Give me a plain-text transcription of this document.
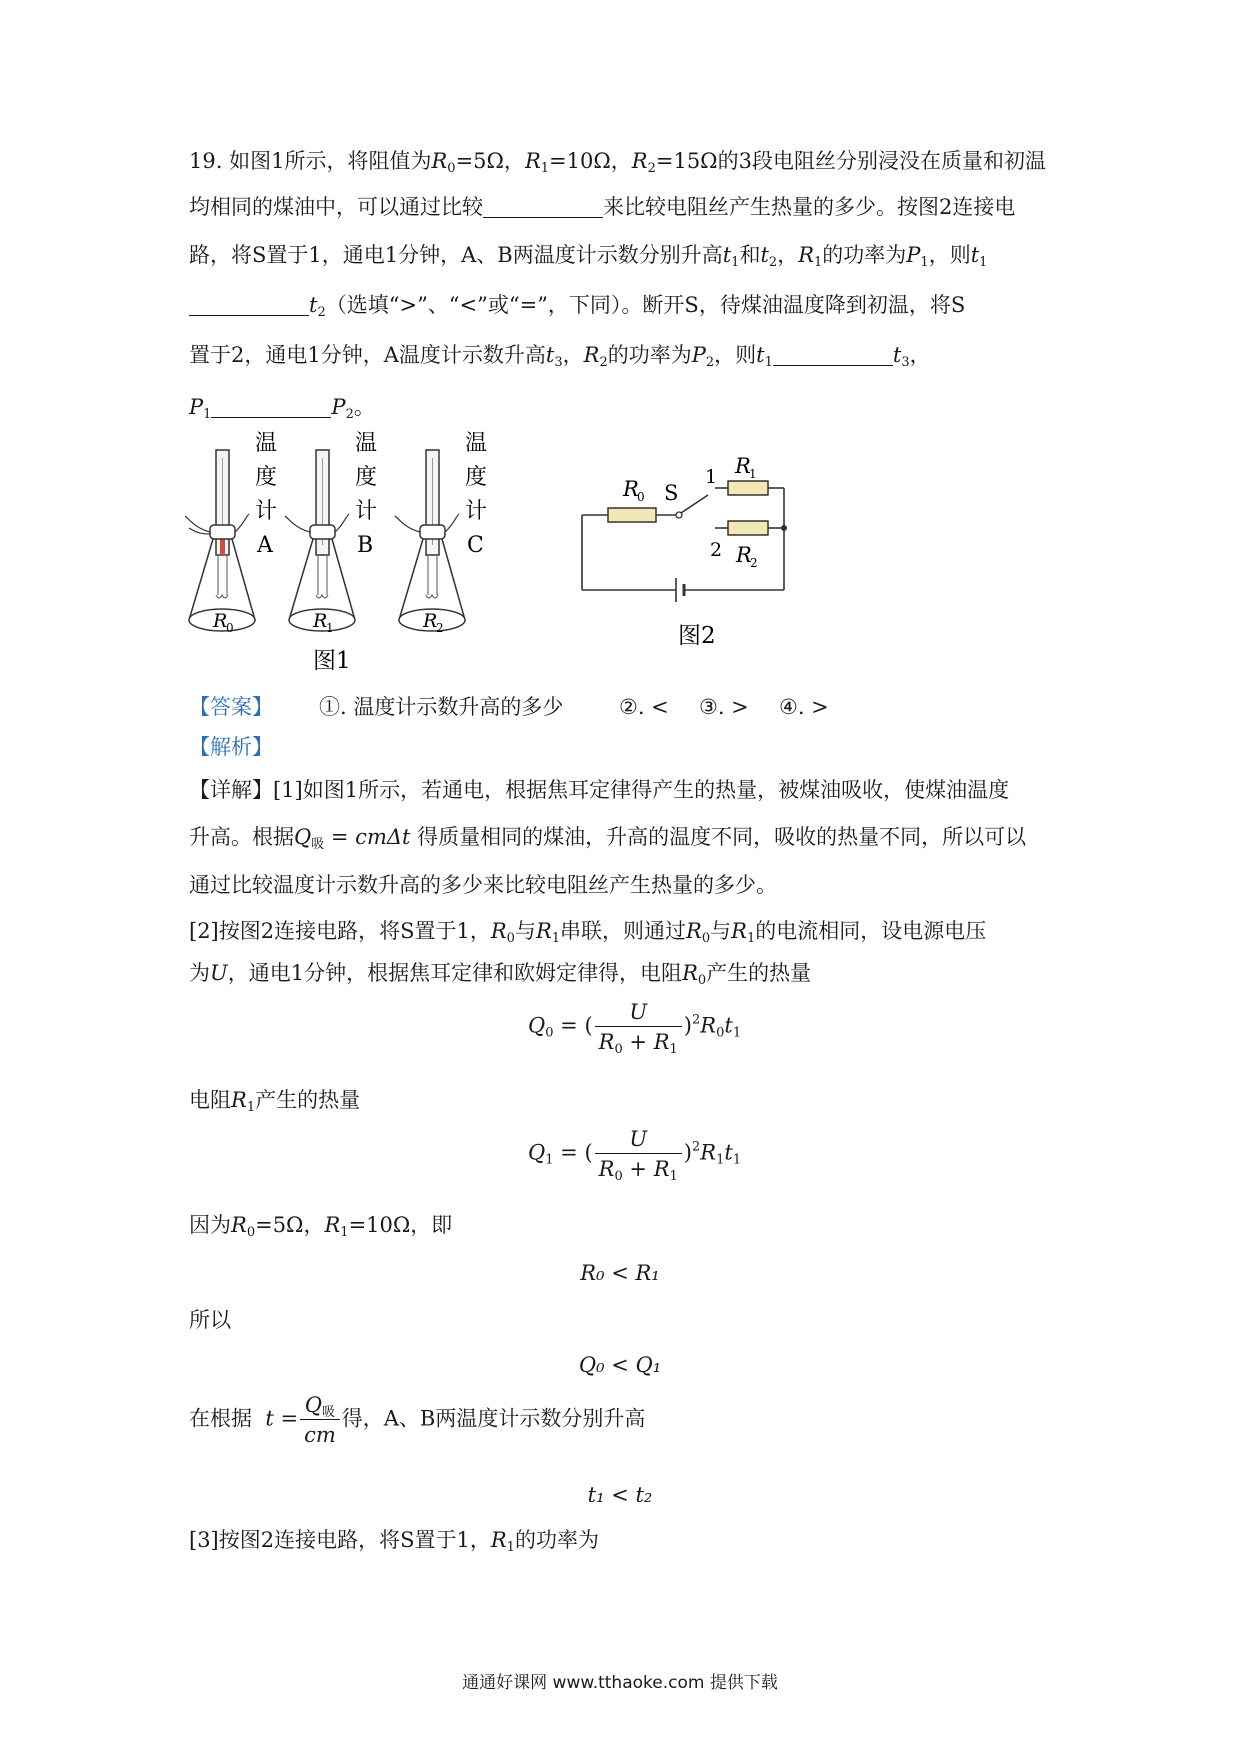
19. 如图1所示，将阻值为$R_0=5\Omega$，$R_1=10\Omega$，$R_2=15\Omega$的3段电阻丝分别浸没在质量和初温
均相同的煤油中，可以通过比较	来比较电阻丝产生热量的多少。按图2连接电
路，将S置于1，通电1分钟，A、B两温度计示数分别升高$t_1$和$t_2$，$R_1$的功率为$P_1$，则$t_1$
$t_2$（选填“>”、“<”或“=”，下同）。断开S，待煤油温度降到初温，将S
置于2，通电1分钟，A温度计示数升高$t_3$，$R_2$的功率为$P_2$，则$t_1$	$t_3$，
$P_1$	$P_2$。
温
度
计
A
温
度
计
B
温
度
计
C
R
0	R
1	R
2
图1
R
0 S
1 R
1
2 R
2
图2
【答案】 ①. 温度计示数升高的多少	②. < ③. > ④. >
【解析】
【详解】[1]如图1所示，若通电，根据焦耳定律得产生的热量，被煤油吸收，使煤油温度
升高。根据$Q_吸 = cm\Delta t$ 得质量相同的煤油，升高的温度不同，吸收的热量不同，所以可以
通过比较温度计示数升高的多少来比较电阻丝产生热量的多少。
[2]按图2连接电路，将S置于1，$R_0$与$R_1$串联，则通过$R_0$与$R_1$的电流相同，设电源电压
为U，通电1分钟，根据焦耳定律和欧姆定律得，电阻$R_0$产生的热量
$Q_0$ = ( $\frac{U}{R_0 + R_1} )^2R_0t_1$
电阻$R_1$产生的热量
$Q_1$ = ( $\frac{U}{R_0 + R_1} )^2R_1t_1$
因为$R_0=5\Omega$，$R_1=10\Omega$，即
R₀ < R₁
所以
Q₀ < Q₁
在根据 $t = \frac{Q_吸}{cm}$ 得，A、B两温度计示数分别升高
t₁ < t₂
[3]按图2连接电路，将S置于1，$R_1$的功率为
通通好课网 www.tthaoke.com 提供下载
